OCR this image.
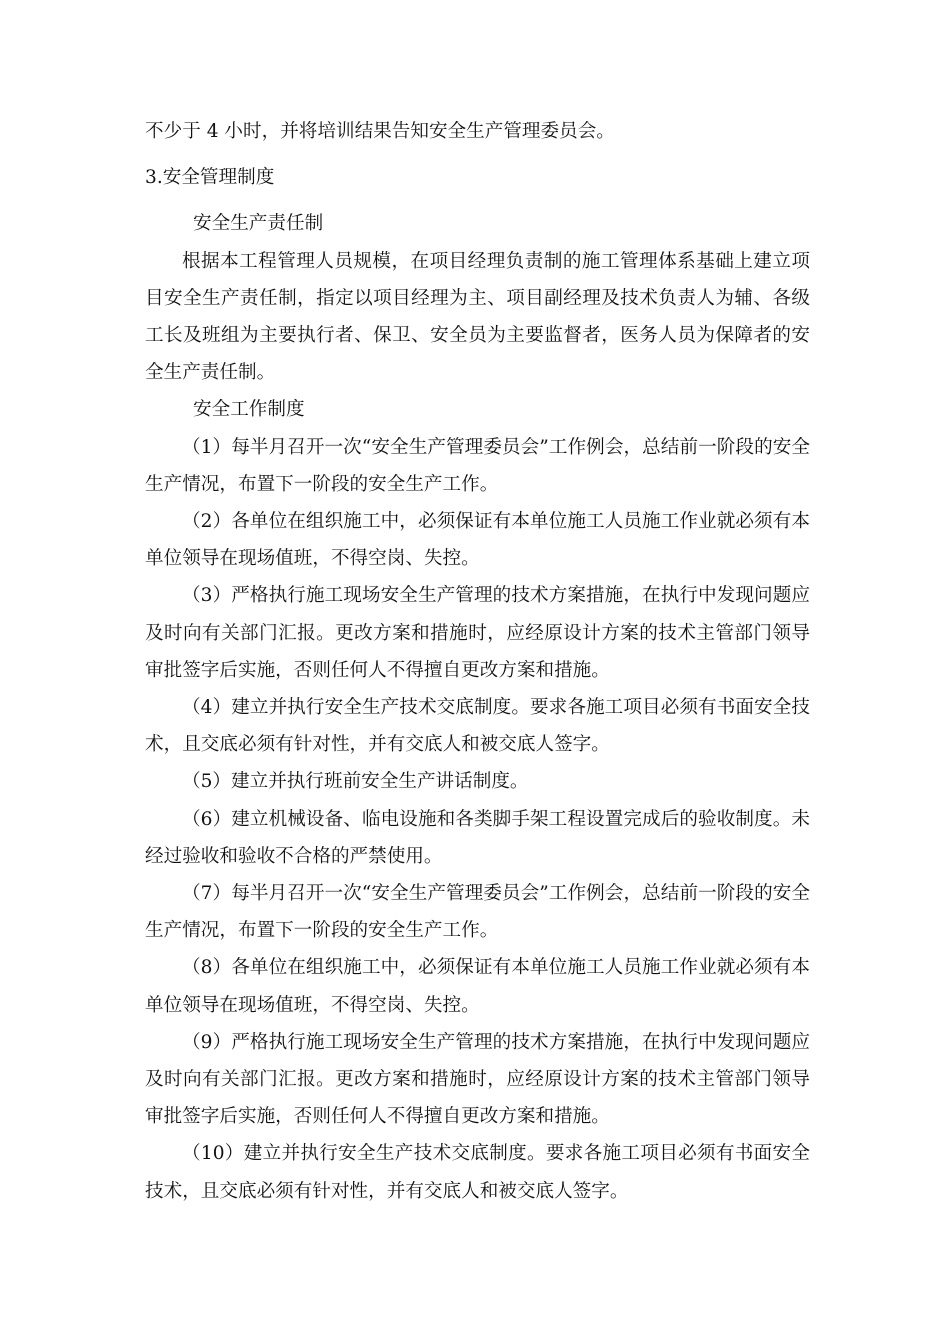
不少于 4 小时，并将培训结果告知安全生产管理委员会。

3.安全管理制度

安全生产责任制

根据本工程管理人员规模，在项目经理负责制的施工管理体系基础上建立项目安全生产责任制，指定以项目经理为主、项目副经理及技术负责人为辅、各级工长及班组为主要执行者、保卫、安全员为主要监督者，医务人员为保障者的安全生产责任制。

安全工作制度

（1）每半月召开一次“安全生产管理委员会”工作例会，总结前一阶段的安全生产情况，布置下一阶段的安全生产工作。

（2）各单位在组织施工中，必须保证有本单位施工人员施工作业就必须有本单位领导在现场值班，不得空岗、失控。

（3）严格执行施工现场安全生产管理的技术方案措施，在执行中发现问题应及时向有关部门汇报。更改方案和措施时，应经原设计方案的技术主管部门领导审批签字后实施，否则任何人不得擅自更改方案和措施。

（4）建立并执行安全生产技术交底制度。要求各施工项目必须有书面安全技术，且交底必须有针对性，并有交底人和被交底人签字。

（5）建立并执行班前安全生产讲话制度。

（6）建立机械设备、临电设施和各类脚手架工程设置完成后的验收制度。未经过验收和验收不合格的严禁使用。

（7）每半月召开一次“安全生产管理委员会”工作例会，总结前一阶段的安全生产情况，布置下一阶段的安全生产工作。

（8）各单位在组织施工中，必须保证有本单位施工人员施工作业就必须有本单位领导在现场值班，不得空岗、失控。

（9）严格执行施工现场安全生产管理的技术方案措施，在执行中发现问题应及时向有关部门汇报。更改方案和措施时，应经原设计方案的技术主管部门领导审批签字后实施，否则任何人不得擅自更改方案和措施。

（10）建立并执行安全生产技术交底制度。要求各施工项目必须有书面安全技术，且交底必须有针对性，并有交底人和被交底人签字。
